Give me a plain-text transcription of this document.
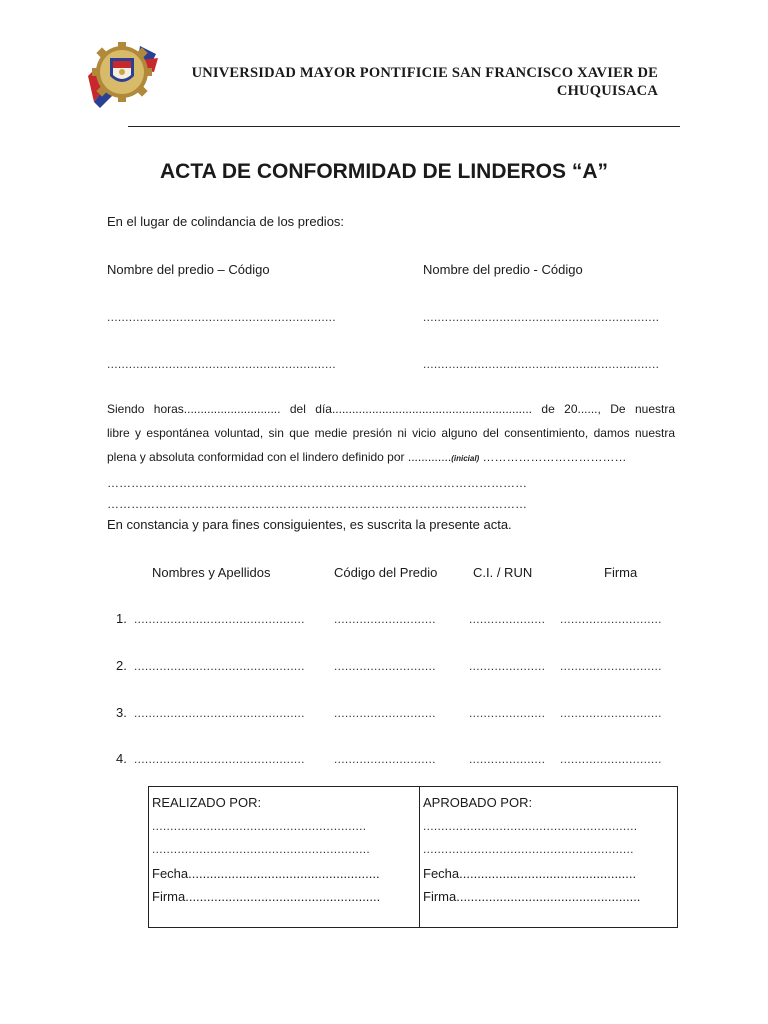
UNIVERSIDAD MAYOR PONTIFICIE SAN FRANCISCO XAVIER DE
CHUQUISACA
ACTA DE CONFORMIDAD DE LINDEROS “A”
En el lugar de colindancia de los predios:
Nombre del predio – Código	Nombre del predio - Código
...............................................................	.................................................................
...............................................................	.................................................................
Siendo horas............................. del día............................................................ de 20......, De nuestra
libre y espontánea voluntad, sin que medie presión ni vicio alguno del consentimiento, damos nuestra
plena y absoluta conformidad con el lindero definido por .............(inicial) ………………………………
……………………………………………………………………………………………
……………………………………………………………………………………………
En constancia y para fines consiguientes, es suscrita la presente acta.
Nombres y Apellidos	Código del Predio	C.I. / RUN	Firma
1. ............................................... ............................	..................... ............................
2. ............................................... ............................	..................... ............................
3. ............................................... ............................	..................... ............................
4. ............................................... ............................	..................... ............................
REALIZADO POR:
...........................................................
............................................................
Fecha.....................................................
Firma......................................................
APROBADO POR:
...........................................................
..........................................................
Fecha.................................................
Firma...................................................
